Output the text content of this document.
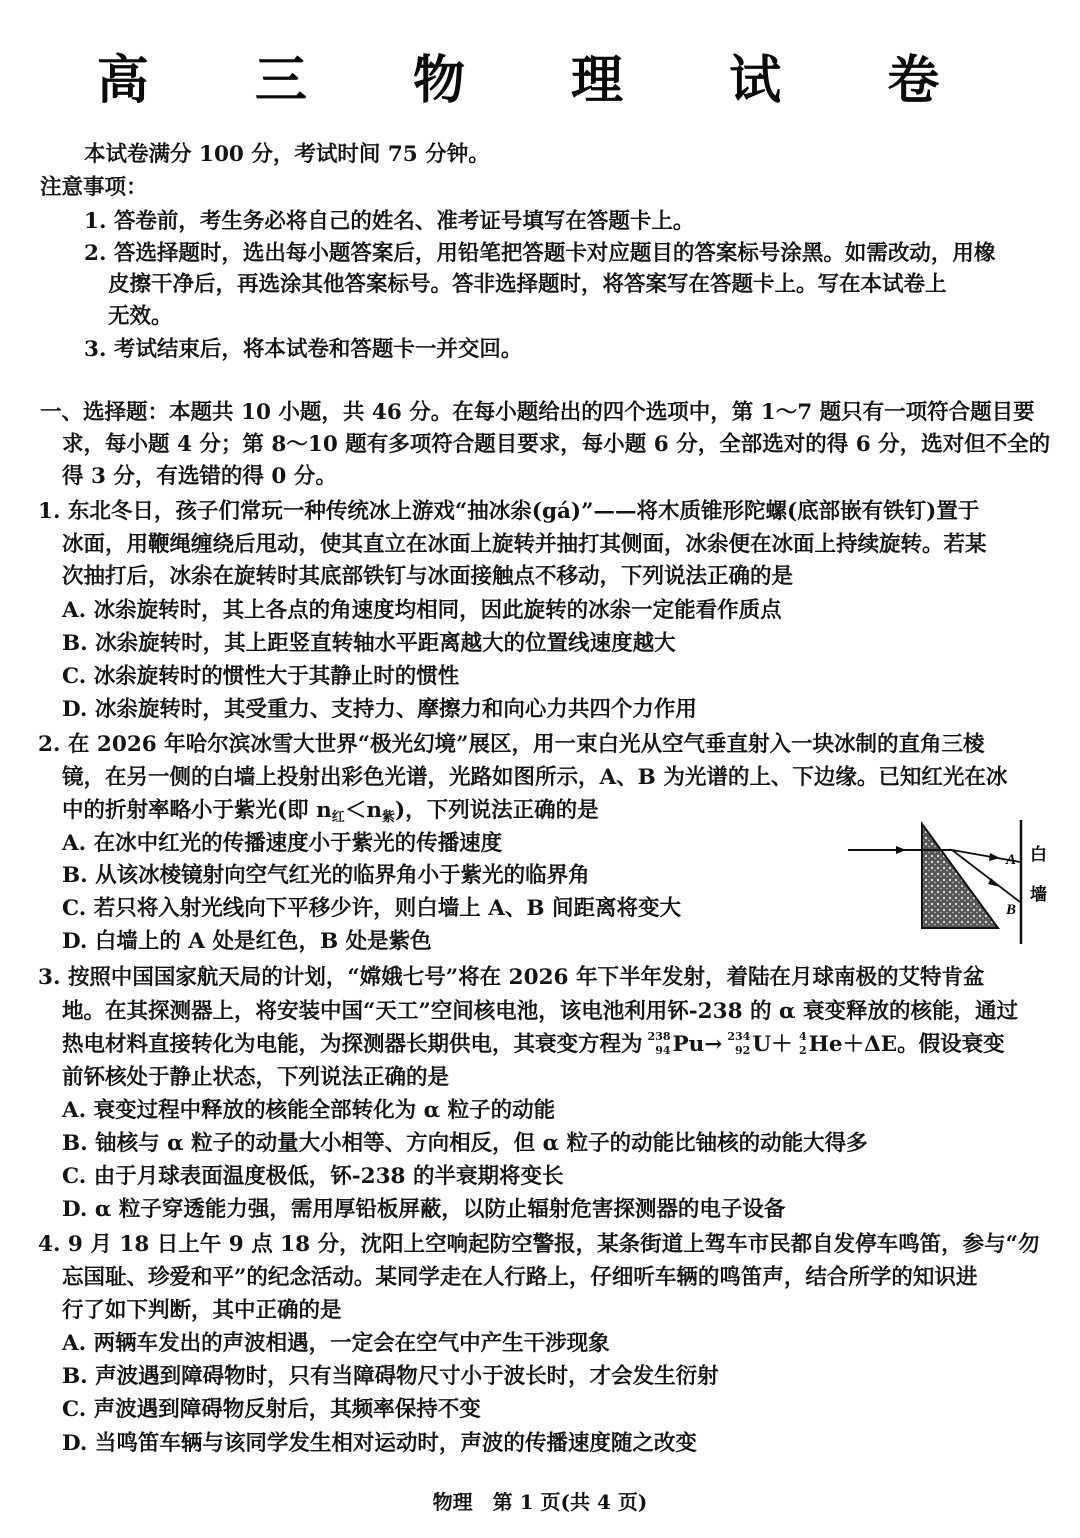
高 三 物 理 试 卷
本试卷满分 100 分，考试时间 75 分钟。
注意事项：
1. 答卷前，考生务必将自己的姓名、准考证号填写在答题卡上。
2. 答选择题时，选出每小题答案后，用铅笔把答题卡对应题目的答案标号涂黑。如需改动，用橡
皮擦干净后，再选涂其他答案标号。答非选择题时，将答案写在答题卡上。写在本试卷上
无效。
3. 考试结束后，将本试卷和答题卡一并交回。
一、选择题：本题共 10 小题，共 46 分。在每小题给出的四个选项中，第 1～7 题只有一项符合题目要
求，每小题 4 分；第 8～10 题有多项符合题目要求，每小题 6 分，全部选对的得 6 分，选对但不全的
得 3 分，有选错的得 0 分。
1. 东北冬日，孩子们常玩一种传统冰上游戏“抽冰尜(gá)”——将木质锥形陀螺(底部嵌有铁钉)置于
冰面，用鞭绳缠绕后甩动，使其直立在冰面上旋转并抽打其侧面，冰尜便在冰面上持续旋转。若某
次抽打后，冰尜在旋转时其底部铁钉与冰面接触点不移动，下列说法正确的是
A. 冰尜旋转时，其上各点的角速度均相同，因此旋转的冰尜一定能看作质点
B. 冰尜旋转时，其上距竖直转轴水平距离越大的位置线速度越大
C. 冰尜旋转时的惯性大于其静止时的惯性
D. 冰尜旋转时，其受重力、支持力、摩擦力和向心力共四个力作用
2. 在 2026 年哈尔滨冰雪大世界“极光幻境”展区，用一束白光从空气垂直射入一块冰制的直角三棱
镜，在另一侧的白墙上投射出彩色光谱，光路如图所示，A、B 为光谱的上、下边缘。已知红光在冰
中的折射率略小于紫光(即 $n_红<n_紫$)，下列说法正确的是
A. 在冰中红光的传播速度小于紫光的传播速度
B. 从该冰棱镜射向空气红光的临界角小于紫光的临界角
C. 若只将入射光线向下平移少许，则白墙上 A、B 间距离将变大
D. 白墙上的 A 处是红色，B 处是紫色
A
B
白
墙
3. 按照中国国家航天局的计划，“嫦娥七号”将在 2026 年下半年发射，着陆在月球南极的艾特肯盆
地。在其探测器上，将安装中国“天工”空间核电池，该电池利用钚-238 的 α 衰变释放的核能，通过
热电材料直接转化为电能，为探测器长期供电，其衰变方程为 238
94 Pu→ 234
92 U＋ 4
2 He＋ΔE。假设衰变
前钚核处于静止状态，下列说法正确的是
A. 衰变过程中释放的核能全部转化为 α 粒子的动能
B. 铀核与 α 粒子的动量大小相等、方向相反，但 α 粒子的动能比铀核的动能大得多
C. 由于月球表面温度极低，钚-238 的半衰期将变长
D. α 粒子穿透能力强，需用厚铅板屏蔽，以防止辐射危害探测器的电子设备
4. 9 月 18 日上午 9 点 18 分，沈阳上空响起防空警报，某条街道上驾车市民都自发停车鸣笛，参与“勿
忘国耻、珍爱和平”的纪念活动。某同学走在人行路上，仔细听车辆的鸣笛声，结合所学的知识进
行了如下判断，其中正确的是
A. 两辆车发出的声波相遇，一定会在空气中产生干涉现象
B. 声波遇到障碍物时，只有当障碍物尺寸小于波长时，才会发生衍射
C. 声波遇到障碍物反射后，其频率保持不变
D. 当鸣笛车辆与该同学发生相对运动时，声波的传播速度随之改变
物理　第 1 页(共 4 页)
